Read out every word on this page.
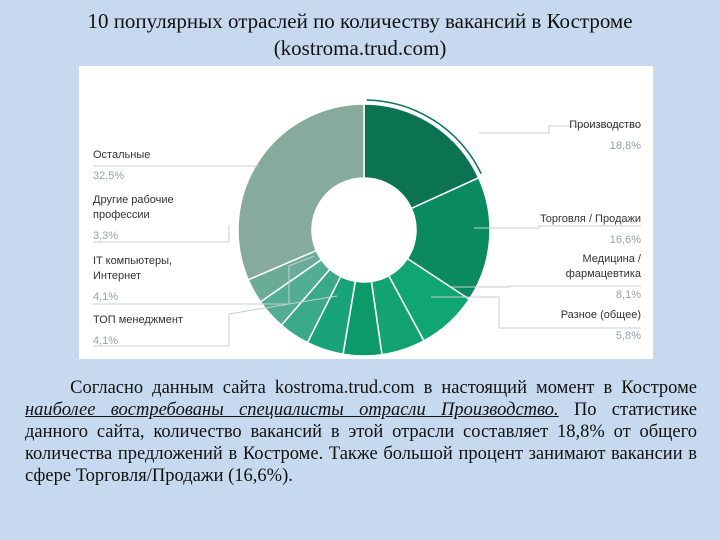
10 популярных отраслей по количеству вакансий в Костроме
(kostroma.trud.com)
Производство
18,8%
Торговля / Продажи
16,6%
Медицина /
фармацевтика
8,1%
Разное (общее)
5,8%
Остальные
32,5%
Другие рабочие
профессии
3,3%
IT компьютеры,
Интернет
4,1%
ТОП менеджмент
4,1%
Согласно данным сайта kostroma.trud.com в настоящий момент в Костроме наиболее востребованы специалисты отрасли Производство. По статистике данного сайта, количество вакансий в этой отрасли составляет 18,8% от общего количества предложений в Костроме. Также большой процент занимают вакансии в сфере Торговля/Продажи (16,6%).
